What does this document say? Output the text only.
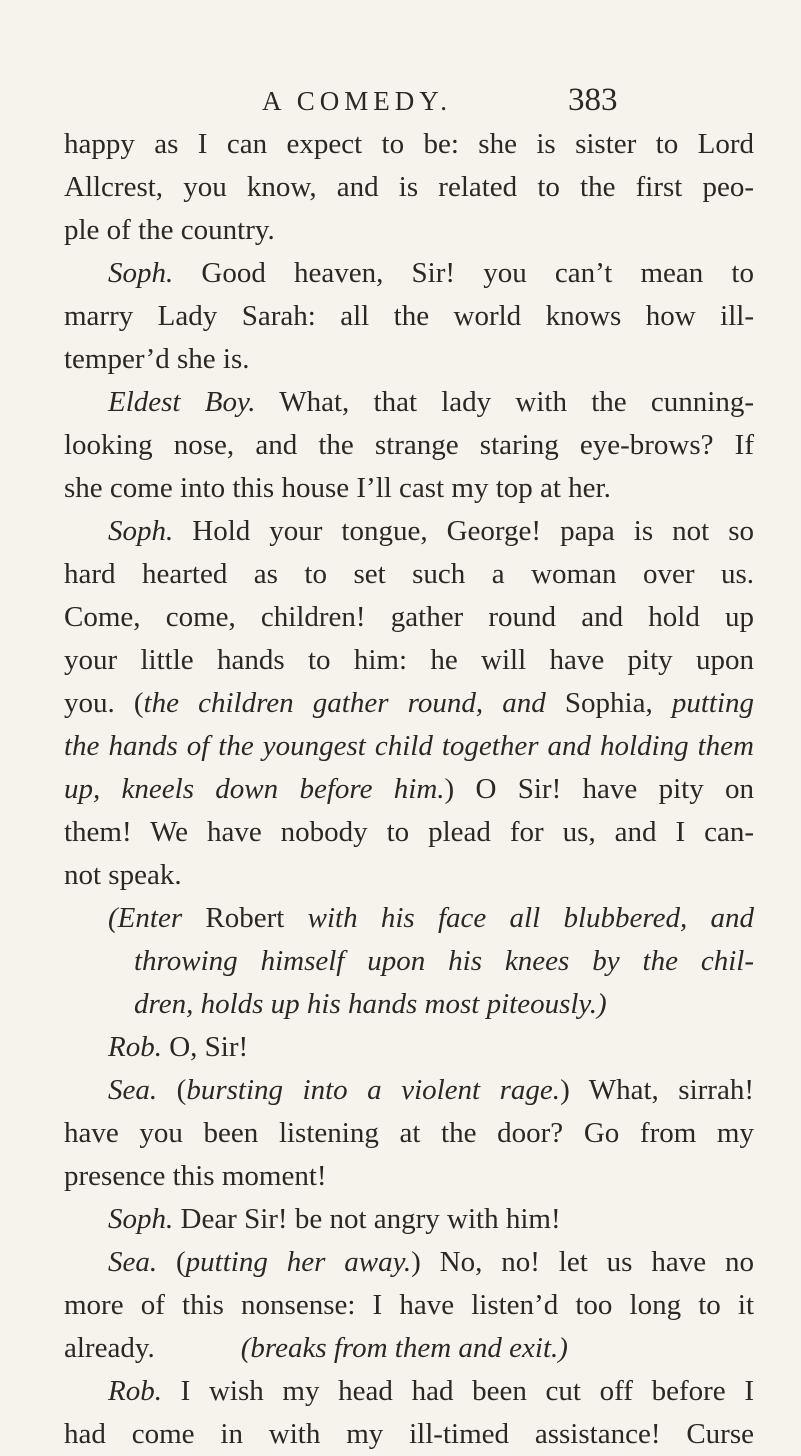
A COMEDY.	383
happy as I can expect to be: she is sister to Lord
Allcrest, you know, and is related to the first peo-
ple of the country.
Soph. Good heaven, Sir! you can’t mean to
marry Lady Sarah: all the world knows how ill-
temper’d she is.
Eldest Boy. What, that lady with the cunning-
looking nose, and the strange staring eye-brows? If
she come into this house I’ll cast my top at her.
Soph. Hold your tongue, George! papa is not so
hard hearted as to set such a woman over us.
Come, come, children! gather round and hold up
your little hands to him: he will have pity upon
you. (the children gather round, and Sophia, putting
the hands of the youngest child together and holding them
up, kneels down before him.) O Sir! have pity on
them! We have nobody to plead for us, and I can-
not speak.
(Enter Robert with his face all blubbered, and
throwing himself upon his knees by the chil-
dren, holds up his hands most piteously.)
Rob. O, Sir!
Sea. (bursting into a violent rage.) What, sirrah!
have you been listening at the door? Go from my
presence this moment!
Soph. Dear Sir! be not angry with him!
Sea. (putting her away.) No, no! let us have no
more of this nonsense: I have listen’d too long to it
already.	(breaks from them and exit.)
Rob. I wish my head had been cut off before I
had come in with my ill-timed assistance! Curse
